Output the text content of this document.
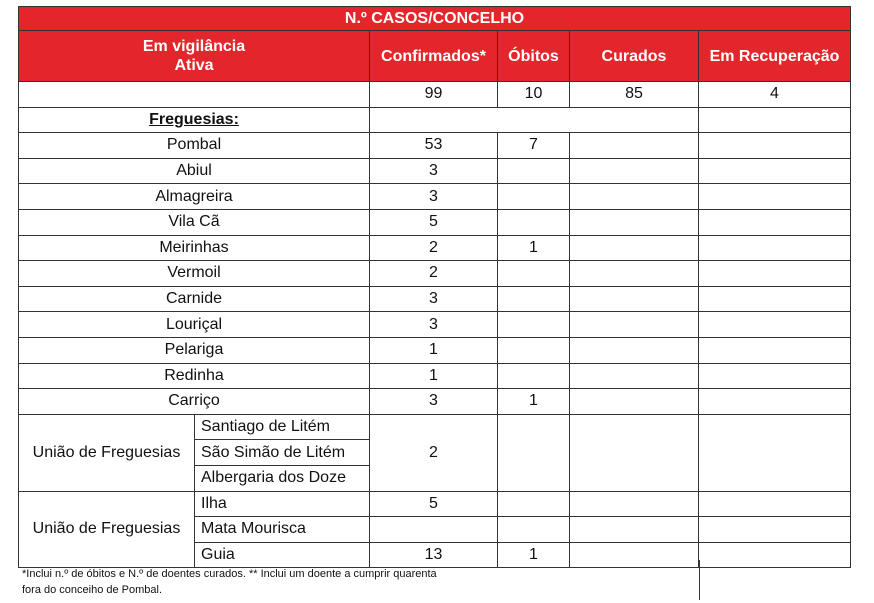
N.º CASOS/CONCELHO					
Em vigilância
Ativa		Confirmados*	Óbitos	Curados	Em Recuperação
		99	10	85	4
Freguesias:					
Pombal		53	7		
Abiul		3			
Almagreira		3			
Vila Cã		5			
Meirinhas		2	1		
Vermoil		2			
Carnide		3			
Louriçal		3			
Pelariga		1			
Redinha		1			
Carriço		3	1		
União de Freguesias	Santiago de Litém	2			
	São Simão de Litém				
	Albergaria dos Doze				
União de Freguesias	Ilha	5			
	Mata Mourisca				
	Guia	13	1		
*Inclui n.º de óbitos e N.º de doentes curados. ** Inclui um doente a cumprir quarenta
fora do conceiho de Pombal.
